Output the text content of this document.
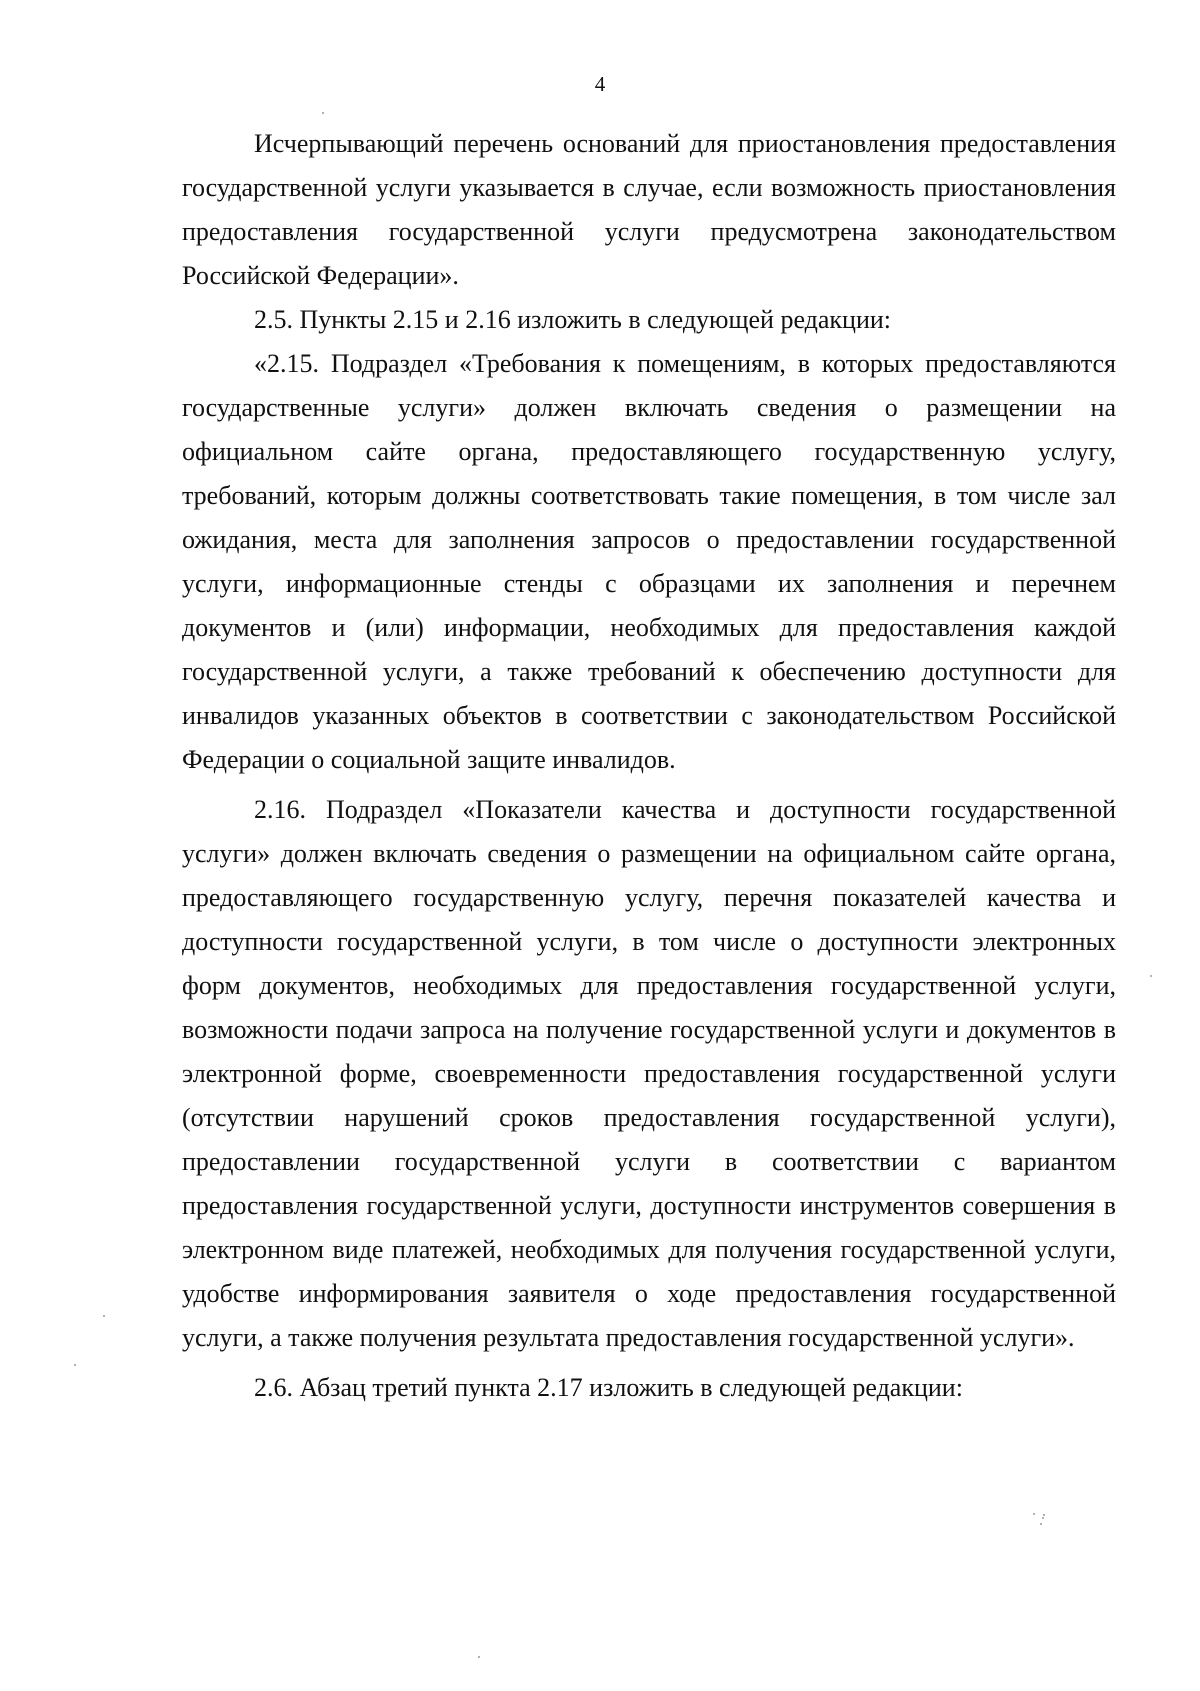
4

Исчерпывающий перечень оснований для приостановления предоставления государственной услуги указывается в случае, если возможность приостановления предоставления государственной услуги предусмотрена законодательством Российской Федерации».

2.5. Пункты 2.15 и 2.16 изложить в следующей редакции:

«2.15. Подраздел «Требования к помещениям, в которых предоставляются государственные услуги» должен включать сведения о размещении на официальном сайте органа, предоставляющего государственную услугу, требований, которым должны соответствовать такие помещения, в том числе зал ожидания, места для заполнения запросов о предоставлении государственной услуги, информационные стенды с образцами их заполнения и перечнем документов и (или) информации, необходимых для предоставления каждой государственной услуги, а также требований к обеспечению доступности для инвалидов указанных объектов в соответствии с законодательством Российской Федерации о социальной защите инвалидов.

2.16. Подраздел «Показатели качества и доступности государственной услуги» должен включать сведения о размещении на официальном сайте органа, предоставляющего государственную услугу, перечня показателей качества и доступности государственной услуги, в том числе о доступности электронных форм документов, необходимых для предоставления государственной услуги, возможности подачи запроса на получение государственной услуги и документов в электронной форме, своевременности предоставления государственной услуги (отсутствии нарушений сроков предоставления государственной услуги), предоставлении государственной услуги в соответствии с вариантом предоставления государственной услуги, доступности инструментов совершения в электронном виде платежей, необходимых для получения государственной услуги, удобстве информирования заявителя о ходе предоставления государственной услуги, а также получения результата предоставления государственной услуги».

2.6. Абзац третий пункта 2.17 изложить в следующей редакции:
